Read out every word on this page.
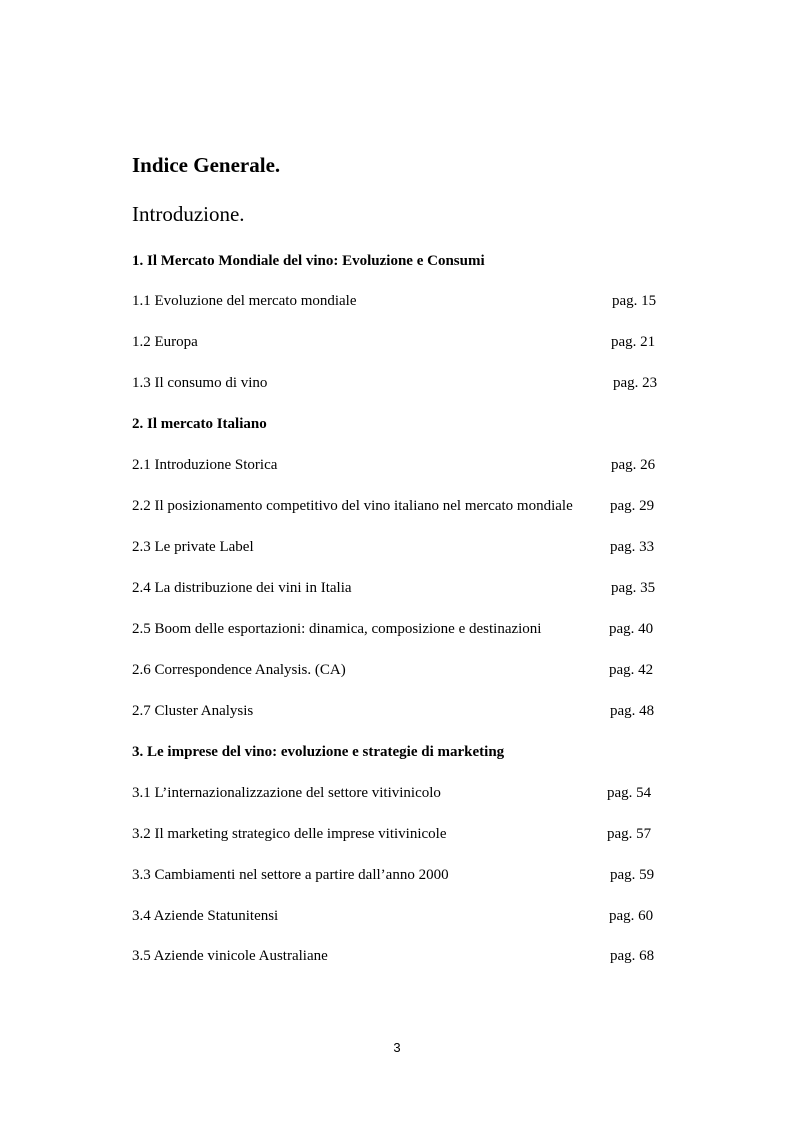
Indice Generale.
Introduzione.
1. Il Mercato Mondiale del vino: Evoluzione e Consumi
1.1 Evoluzione del mercato mondiale	pag. 15
1.2 Europa	pag. 21
1.3 Il consumo di vino	pag. 23
2. Il mercato Italiano
2.1 Introduzione Storica	pag. 26
2.2 Il posizionamento competitivo del vino italiano nel mercato mondiale pag. 29
2.3 Le private Label	pag. 33
2.4 La distribuzione dei vini in Italia	pag. 35
2.5 Boom delle esportazioni: dinamica, composizione e destinazioni	pag. 40
2.6 Correspondence Analysis. (CA)	pag. 42
2.7 Cluster Analysis	pag. 48
3. Le imprese del vino: evoluzione e strategie di marketing
3.1 L’internazionalizzazione del settore vitivinicolo	pag. 54
3.2 Il marketing strategico delle imprese vitivinicole	pag. 57
3.3 Cambiamenti nel settore a partire dall’anno 2000	pag. 59
3.4 Aziende Statunitensi	pag. 60
3.5 Aziende vinicole Australiane	pag. 68
3
